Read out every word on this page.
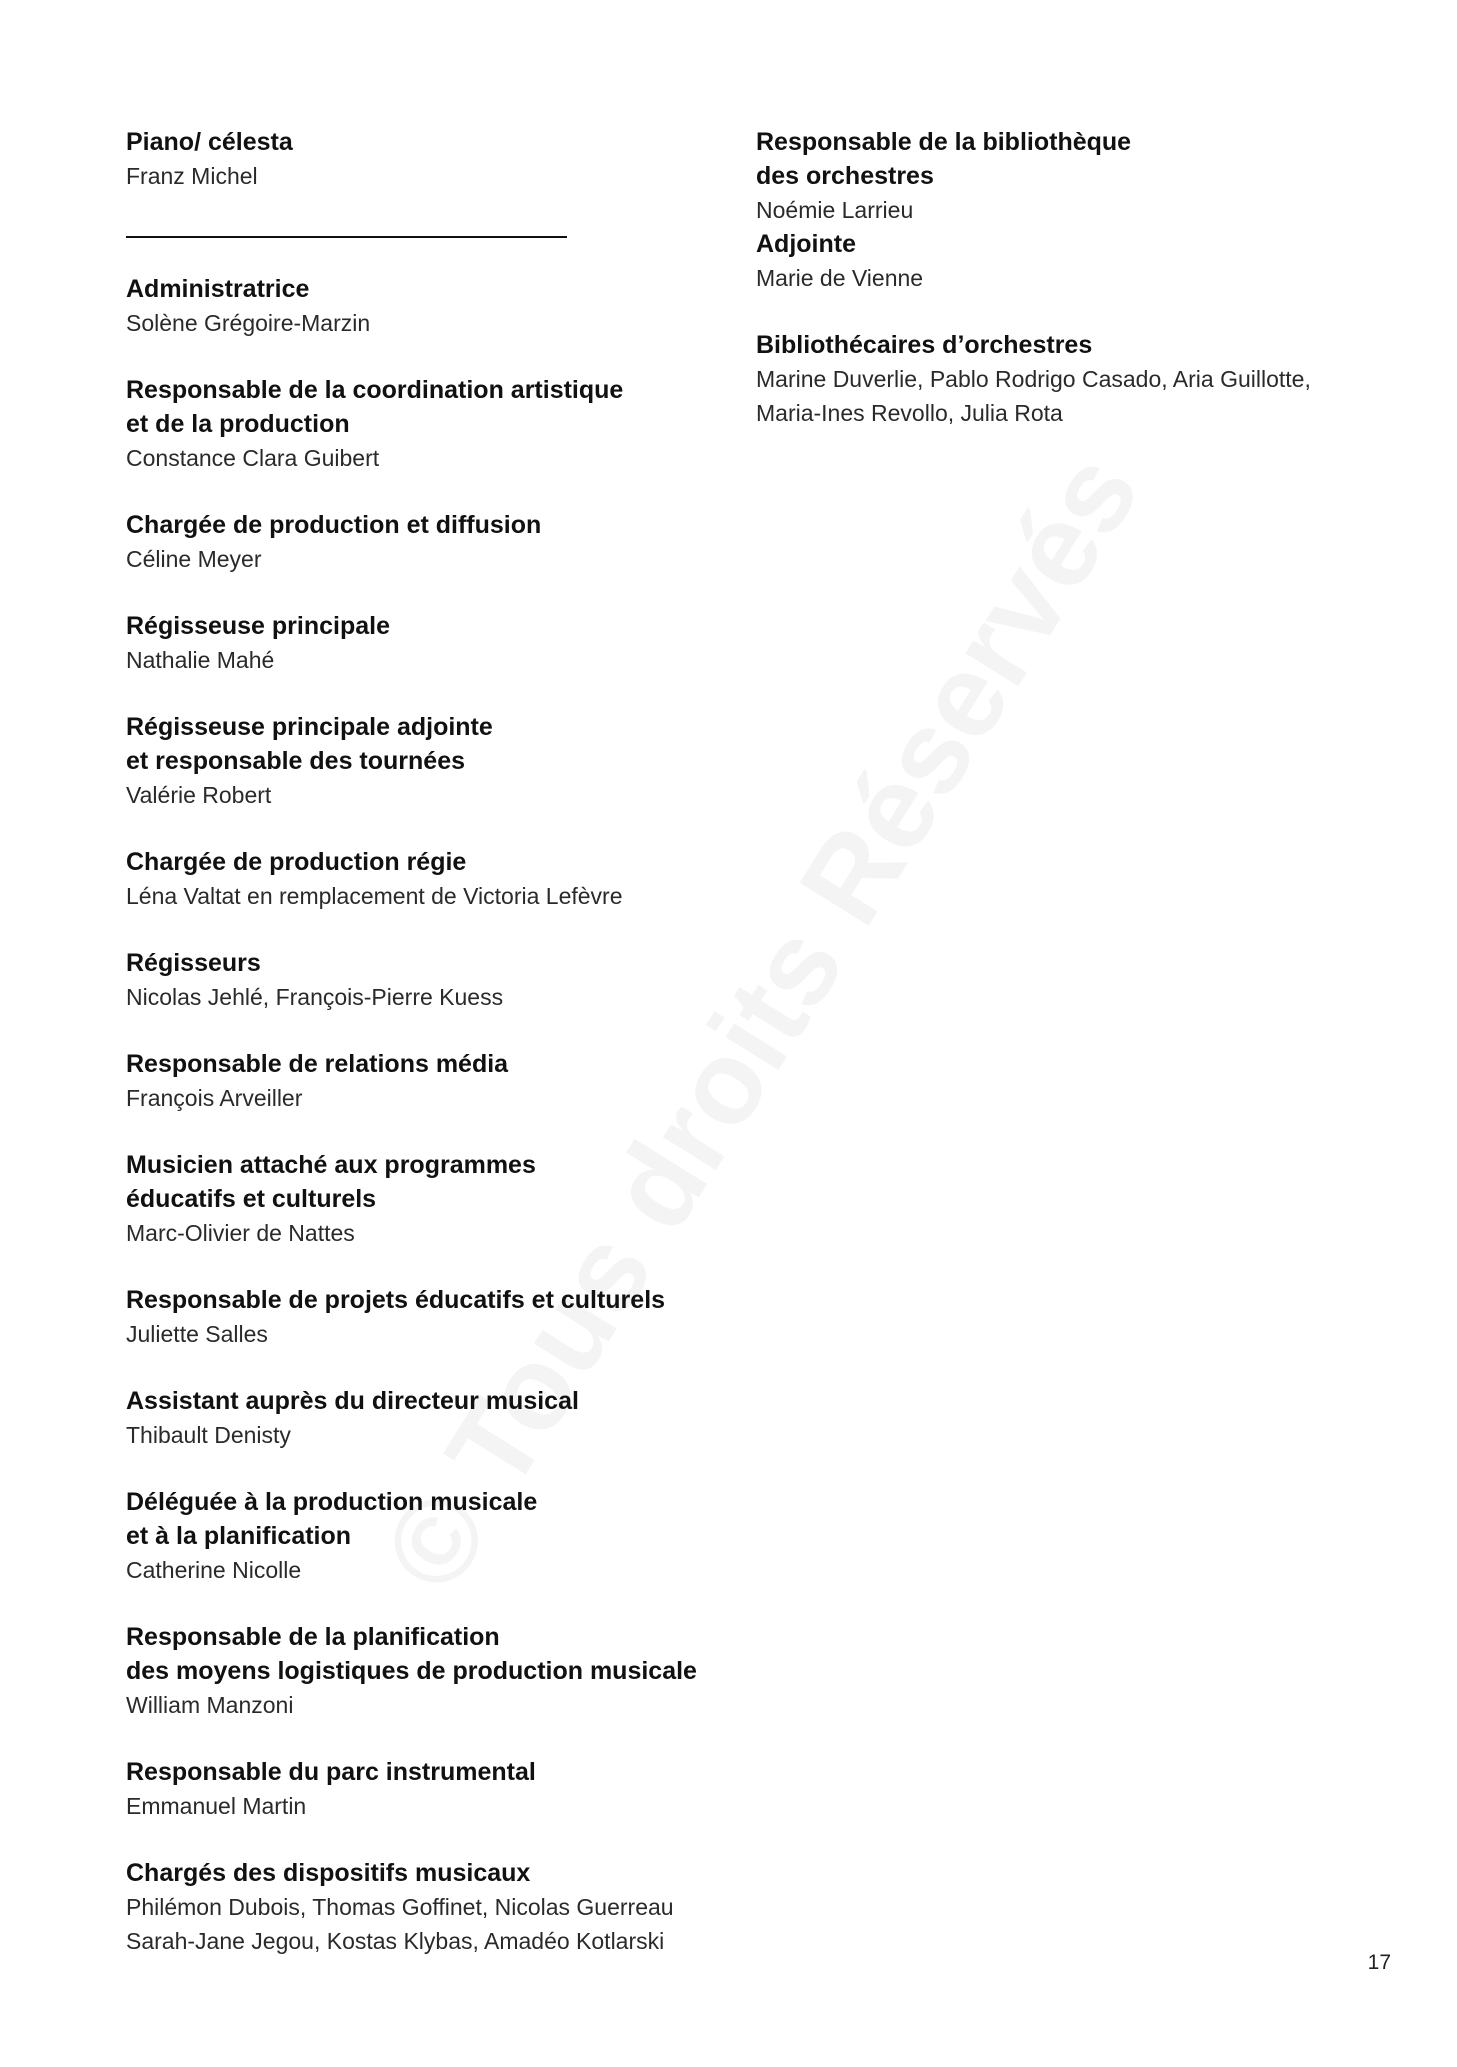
Piano/ célesta
Franz Michel
Administratrice
Solène Grégoire-Marzin
Responsable de la coordination artistique
et de la production
Constance Clara Guibert
Chargée de production et diffusion
Céline Meyer
Régisseuse principale
Nathalie Mahé
Régisseuse principale adjointe
et responsable des tournées
Valérie Robert
Chargée de production régie
Léna Valtat en remplacement de Victoria Lefèvre
Régisseurs
Nicolas Jehlé, François-Pierre Kuess
Responsable de relations média
François Arveiller
Musicien attaché aux programmes
éducatifs et culturels
Marc-Olivier de Nattes
Responsable de projets éducatifs et culturels
Juliette Salles
Assistant auprès du directeur musical
Thibault Denisty
Déléguée à la production musicale
et à la planification
Catherine Nicolle
Responsable de la planification
des moyens logistiques de production musicale
William Manzoni
Responsable du parc instrumental
Emmanuel Martin
Chargés des dispositifs musicaux
Philémon Dubois, Thomas Goffinet, Nicolas Guerreau
Sarah-Jane Jegou, Kostas Klybas, Amadéo Kotlarski
Responsable de la bibliothèque
des orchestres
Noémie Larrieu
Adjointe
Marie de Vienne
Bibliothécaires d’orchestres
Marine Duverlie, Pablo Rodrigo Casado, Aria Guillotte,
Maria-Ines Revollo, Julia Rota
17
